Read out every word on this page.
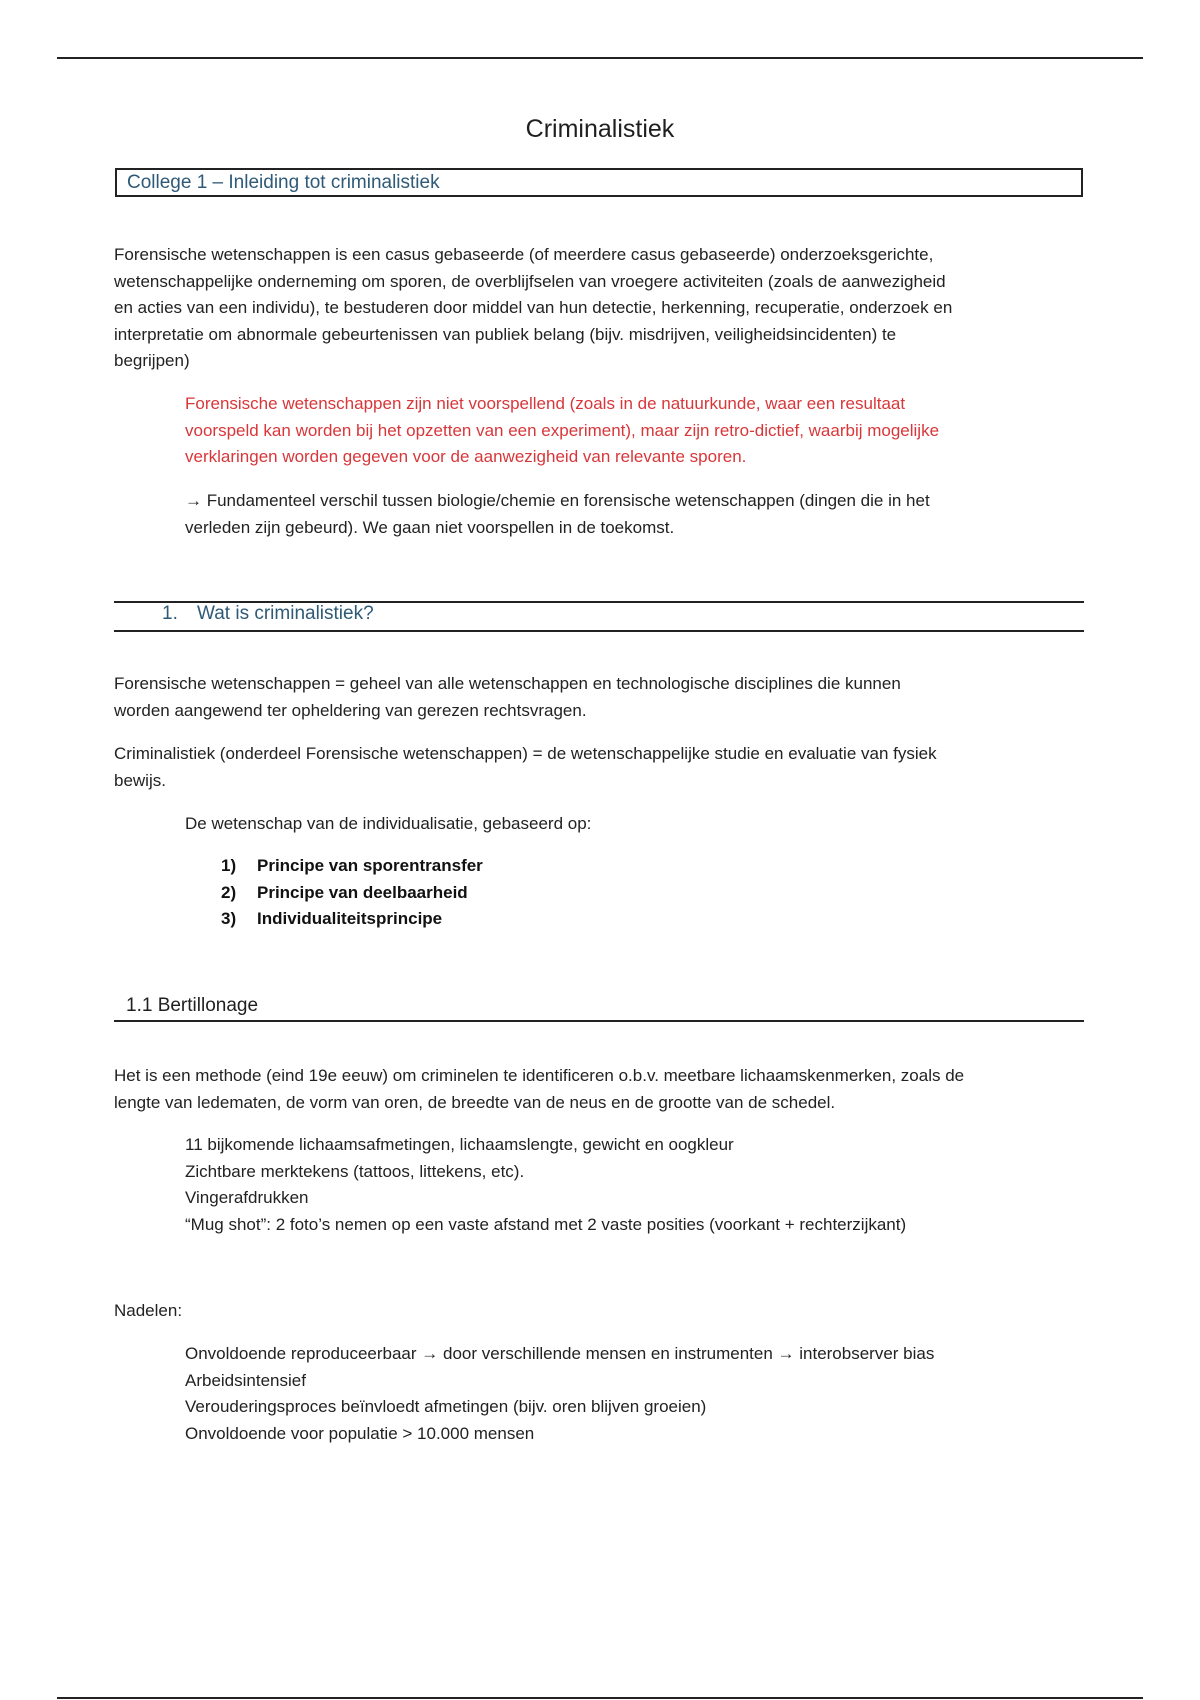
Criminalistiek
College 1 – Inleiding tot criminalistiek
Forensische wetenschappen is een casus gebaseerde (of meerdere casus gebaseerde) onderzoeksgerichte,
wetenschappelijke onderneming om sporen, de overblijfselen van vroegere activiteiten (zoals de aanwezigheid
en acties van een individu), te bestuderen door middel van hun detectie, herkenning, recuperatie, onderzoek en
interpretatie om abnormale gebeurtenissen van publiek belang (bijv. misdrijven, veiligheidsincidenten) te
begrijpen)
Forensische wetenschappen zijn niet voorspellend (zoals in de natuurkunde, waar een resultaat
voorspeld kan worden bij het opzetten van een experiment), maar zijn retro-dictief, waarbij mogelijke
verklaringen worden gegeven voor de aanwezigheid van relevante sporen.
→ Fundamenteel verschil tussen biologie/chemie en forensische wetenschappen (dingen die in het
verleden zijn gebeurd). We gaan niet voorspellen in de toekomst.
1. Wat is criminalistiek?
Forensische wetenschappen = geheel van alle wetenschappen en technologische disciplines die kunnen
worden aangewend ter opheldering van gerezen rechtsvragen.
Criminalistiek (onderdeel Forensische wetenschappen) = de wetenschappelijke studie en evaluatie van fysiek
bewijs.
De wetenschap van de individualisatie, gebaseerd op:
1) Principe van sporentransfer
2) Principe van deelbaarheid
3) Individualiteitsprincipe
1.1 Bertillonage
Het is een methode (eind 19e eeuw) om criminelen te identificeren o.b.v. meetbare lichaamskenmerken, zoals de
lengte van ledematen, de vorm van oren, de breedte van de neus en de grootte van de schedel.
11 bijkomende lichaamsafmetingen, lichaamslengte, gewicht en oogkleur
Zichtbare merktekens (tattoos, littekens, etc).
Vingerafdrukken
“Mug shot”: 2 foto’s nemen op een vaste afstand met 2 vaste posities (voorkant + rechterzijkant)
Nadelen:
Onvoldoende reproduceerbaar → door verschillende mensen en instrumenten → interobserver bias
Arbeidsintensief
Verouderingsproces beïnvloedt afmetingen (bijv. oren blijven groeien)
Onvoldoende voor populatie > 10.000 mensen
